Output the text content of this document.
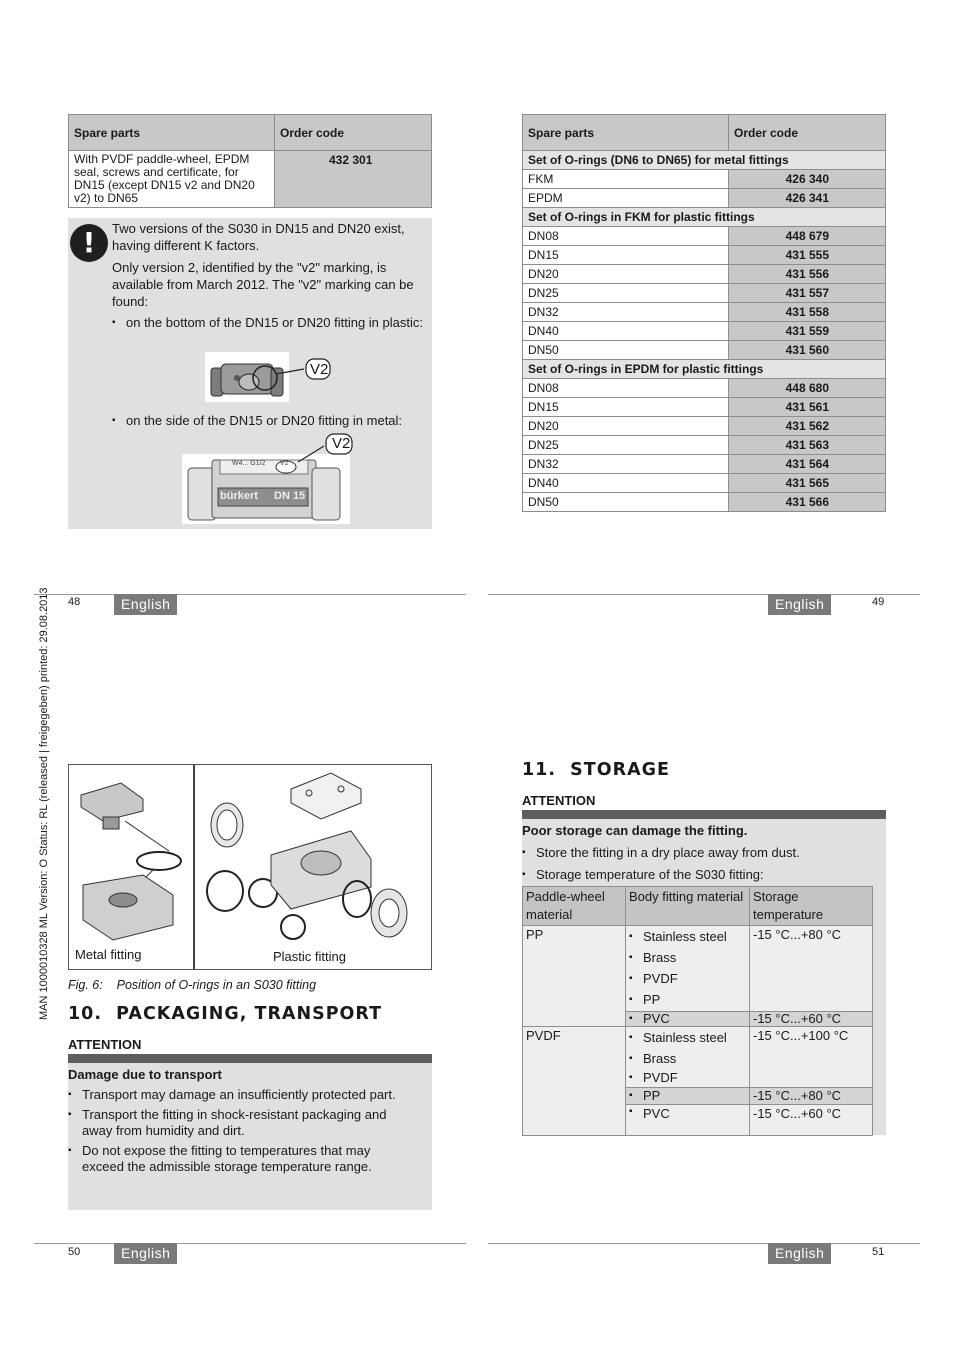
MAN 1000010328 ML Version: O Status: RL (released | freigegeben) printed: 29.08.2013
Spare parts	Order code
With PVDF paddle-wheel, EPDM seal, screws and certificate, for DN15 (except DN15 v2 and DN20 v2) to DN65	432 301
!	Two versions of the S030 in DN15 and DN20 exist, having different K factors.
Only version 2, identified by the "v2" marking, is available from March 2012. The "v2" marking can be found:
▪ on the bottom of the DN15 or DN20 fitting in plastic:
V2
▪ on the side of the DN15 or DN20 fitting in metal:
W4... G1/2 V2
bürkert DN 15
V2
48	English
Spare parts	Order code
Set of O-rings (DN6 to DN65) for metal fittings	
FKM	426 340
EPDM	426 341
Set of O-rings in FKM for plastic fittings	
DN08	448 679
DN15	431 555
DN20	431 556
DN25	431 557
DN32	431 558
DN40	431 559
DN50	431 560
Set of O-rings in EPDM for plastic fittings	
DN08	448 680
DN15	431 561
DN20	431 562
DN25	431 563
DN32	431 564
DN40	431 565
DN50	431 566
English	49
Metal fitting	Plastic fitting
Fig. 6:    Position of O-rings in an S030 fitting
10.  PACKAGING, TRANSPORT
ATTENTION
Damage due to transport
▪ Transport may damage an insufficiently protected part.
▪ Transport the fitting in shock-resistant packaging and away from humidity and dirt.
▪ Do not expose the fitting to temperatures that may exceed the admissible storage temperature range.
50	English
11.  STORAGE
ATTENTION
Poor storage can damage the fitting.
▪ Store the fitting in a dry place away from dust.
▪ Storage temperature of the S030 fitting:
Paddle-wheel material	Body fitting material	Storage temperature
PP	▪ Stainless steel
▪ Brass
▪ PVDF
▪ PP	-15 °C...+80 °C

	▪ PVC	-15 °C...+60 °C
PVDF	▪ Stainless steel
▪ Brass
▪ PVDF	-15 °C...+100 °C

	▪ PP	-15 °C...+80 °C

	▪ PVC	-15 °C...+60 °C
English	51
